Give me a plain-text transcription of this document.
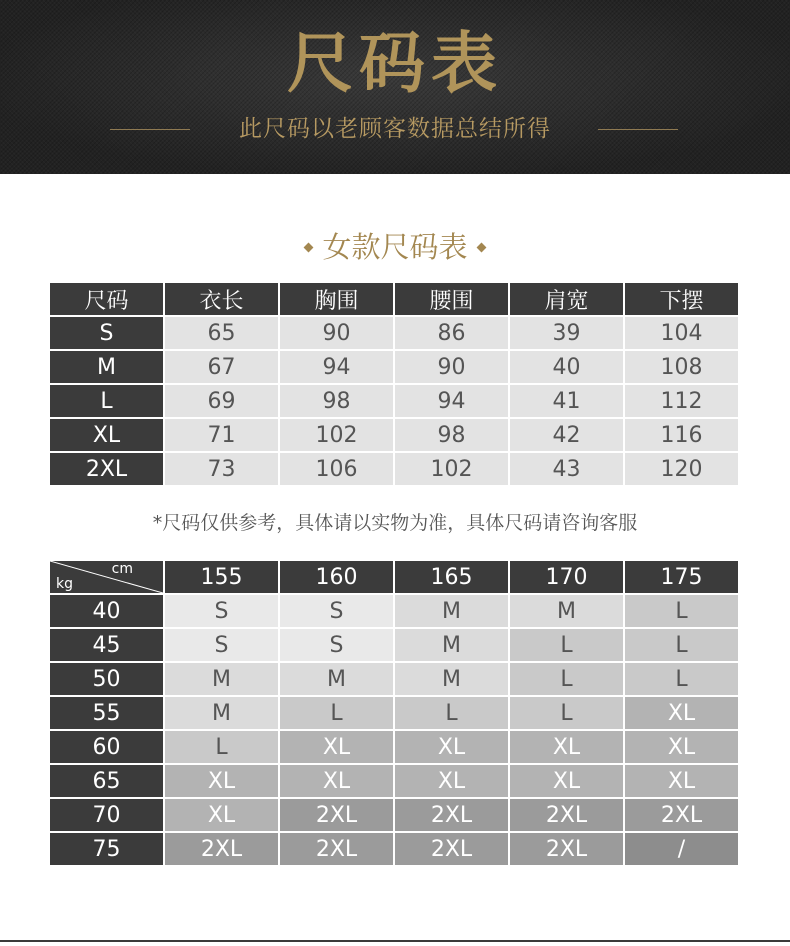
尺码表
此尺码以老顾客数据总结所得
女款尺码表
尺码	衣长	胸围	腰围	肩宽	下摆
S	65	90	86	39	104
M	67	94	90	40	108
L	69	98	94	41	112
XL	71	102	98	42	116
2XL	73	106	102	43	120
*尺码仅供参考，具体请以实物为准，具体尺码请咨询客服
cm
kg	155	160	165	170	175
40	S	S	M	M	L
45	S	S	M	L	L
50	M	M	M	L	L
55	M	L	L	L	XL
60	L	XL	XL	XL	XL
65	XL	XL	XL	XL	XL
70	XL	2XL	2XL	2XL	2XL
75	2XL	2XL	2XL	2XL	/
